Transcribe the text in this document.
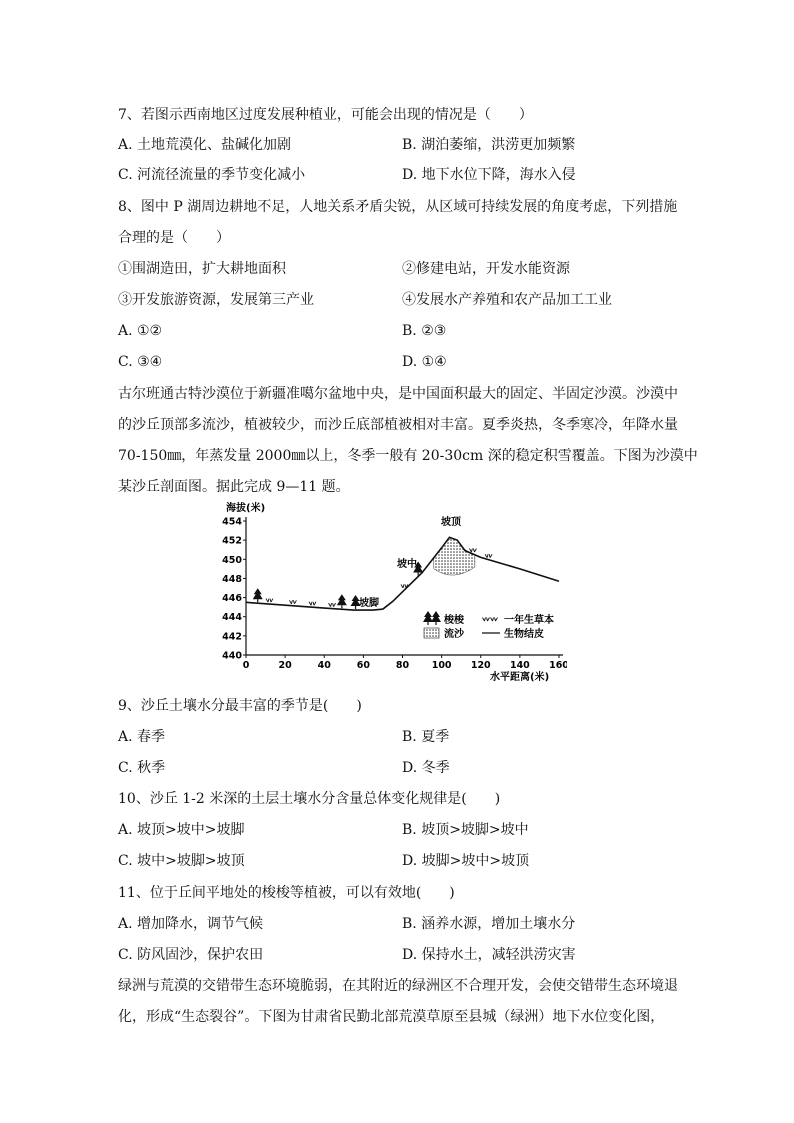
7、若图示西南地区过度发展种植业，可能会出现的情况是（　　）
A. 土地荒漠化、盐碱化加剧	B. 湖泊萎缩，洪涝更加频繁
C. 河流径流量的季节变化减小	D. 地下水位下降，海水入侵
8、图中 P 湖周边耕地不足，人地关系矛盾尖锐，从区域可持续发展的角度考虑，下列措施
合理的是（　　）
①围湖造田，扩大耕地面积	②修建电站，开发水能资源
③开发旅游资源，发展第三产业	④发展水产养殖和农产品加工工业
A. ①②	B. ②③
C. ③④	D. ①④
古尔班通古特沙漠位于新疆准噶尔盆地中央，是中国面积最大的固定、半固定沙漠。沙漠中
的沙丘顶部多流沙，植被较少，而沙丘底部植被相对丰富。夏季炎热，冬季寒冷，年降水量
70-150㎜，年蒸发量 2000㎜以上，冬季一般有 20-30cm 深的稳定积雪覆盖。下图为沙漠中
某沙丘剖面图。据此完成 9—11 题。
海拔(米)
水平距离(米)
440
442
444
446
448
450
452
454
0	20	40	60	80 100 120 140 160
坡顶
坡中
坡脚
梭梭	一年生草本
流沙	生物结皮
9、沙丘土壤水分最丰富的季节是(　　)
A. 春季	B. 夏季
C. 秋季	D. 冬季
10、沙丘 1-2 米深的土层土壤水分含量总体变化规律是(　　)
A. 坡顶>坡中>坡脚	B. 坡顶>坡脚>坡中
C. 坡中>坡脚>坡顶	D. 坡脚>坡中>坡顶
11、位于丘间平地处的梭梭等植被，可以有效地(　　)
A. 增加降水，调节气候	B. 涵养水源，增加土壤水分
C. 防风固沙，保护农田	D. 保持水土，减轻洪涝灾害
绿洲与荒漠的交错带生态环境脆弱，在其附近的绿洲区不合理开发，会使交错带生态环境退
化，形成“生态裂谷”。下图为甘肃省民勤北部荒漠草原至县城（绿洲）地下水位变化图，
